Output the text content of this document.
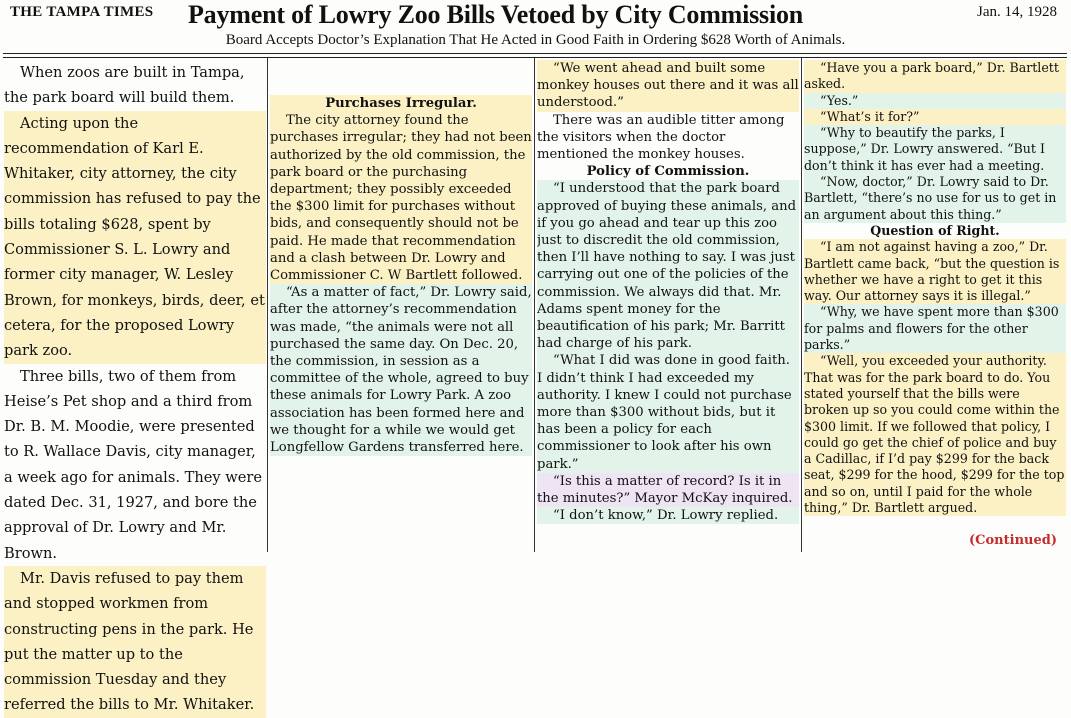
THE TAMPA TIMES Payment of Lowry Zoo Bills Vetoed by City Commission	Jan. 14, 1928
Board Accepts Doctor’s Explanation That He Acted in Good Faith in Ordering $628 Worth of Animals.

When zoos are built in Tampa, the park board will build them.

Acting upon the recommendation of Karl E. Whitaker, city attorney, the city commission has refused to pay the bills totaling $628, spent by Commissioner S. L. Lowry and former city manager, W. Lesley Brown, for monkeys, birds, deer, et cetera, for the proposed Lowry park zoo.

Three bills, two of them from Heise’s Pet shop and a third from Dr. B. M. Moodie, were presented to R. Wallace Davis, city manager, a week ago for animals. They were dated Dec. 31, 1927, and bore the approval of Dr. Lowry and Mr. Brown.

Mr. Davis refused to pay them and stopped workmen from constructing pens in the park. He put the matter up to the commission Tuesday and they referred the bills to Mr. Whitaker.

Purchases Irregular.

The city attorney found the purchases irregular; they had not been authorized by the old commission, the park board or the purchasing department; they possibly exceeded the $300 limit for purchases without bids, and consequently should not be paid. He made that recommendation and a clash between Dr. Lowry and Commissioner C. W Bartlett followed.

“As a matter of fact,” Dr. Lowry said, after the attorney’s recommendation was made, “the animals were not all purchased the same day. On Dec. 20, the commission, in session as a committee of the whole, agreed to buy these animals for Lowry Park. A zoo association has been formed here and we thought for a while we would get Longfellow Gardens transferred here.

“We went ahead and built some monkey houses out there and it was all understood.”

There was an audible titter among the visitors when the doctor mentioned the monkey houses.

Policy of Commission.

“I understood that the park board approved of buying these animals, and if you go ahead and tear up this zoo just to discredit the old commission, then I’ll have nothing to say. I was just carrying out one of the policies of the commission. We always did that. Mr. Adams spent money for the beautification of his park; Mr. Barritt had charge of his park.

“What I did was done in good faith. I didn’t think I had exceeded my authority. I knew I could not purchase more than $300 without bids, but it has been a policy for each commissioner to look after his own park.”

“Is this a matter of record? Is it in the minutes?” Mayor McKay inquired.

“I don’t know,” Dr. Lowry replied.

“Have you a park board,” Dr. Bartlett asked.

“Yes.”

“What’s it for?”

“Why to beautify the parks, I suppose,” Dr. Lowry answered. “But I don’t think it has ever had a meeting.

“Now, doctor,” Dr. Lowry said to Dr. Bartlett, “there’s no use for us to get in an argument about this thing.”

Question of Right.

“I am not against having a zoo,” Dr. Bartlett came back, “but the question is whether we have a right to get it this way. Our attorney says it is illegal.”

“Why, we have spent more than $300 for palms and flowers for the other parks.”

“Well, you exceeded your authority. That was for the park board to do. You stated yourself that the bills were broken up so you could come within the $300 limit. If we followed that policy, I could go get the chief of police and buy a Cadillac, if I’d pay $299 for the back seat, $299 for the hood, $299 for the top and so on, until I paid for the whole thing,” Dr. Bartlett argued.

(Continued)
